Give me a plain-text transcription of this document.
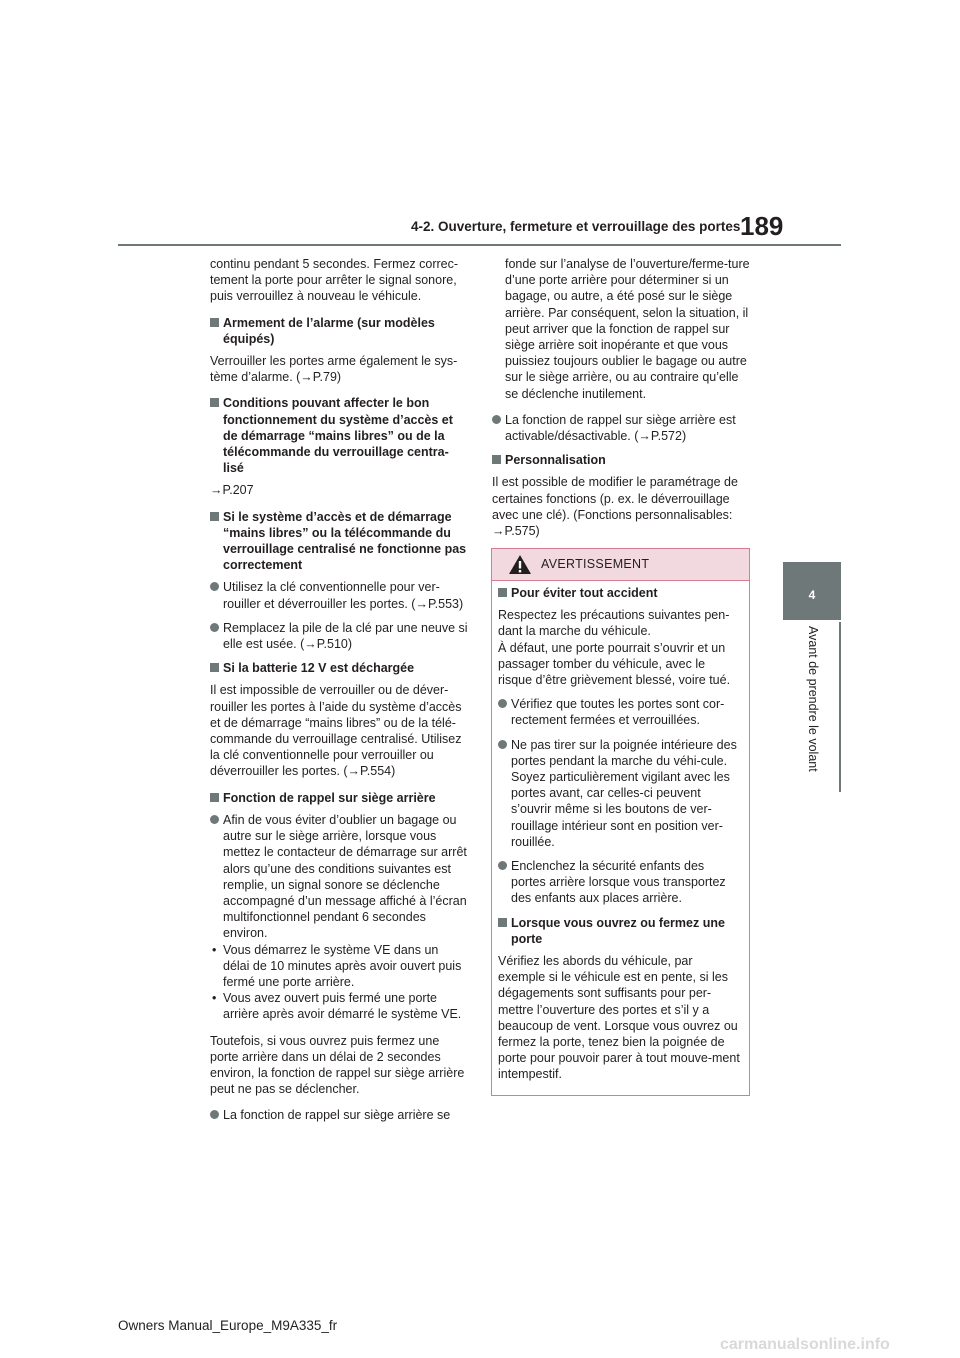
4-2. Ouverture, fermeture et verrouillage des portes 189
4
Avant de prendre le volant

continu pendant 5 secondes. Fermez correc-tement la porte pour arrêter le signal sonore, puis verrouillez à nouveau le véhicule.

Armement de l’alarme (sur modèles équipés)

Verrouiller les portes arme également le sys-tème d’alarme. (→P.79)

Conditions pouvant affecter le bon fonctionnement du système d’accès et de démarrage “mains libres” ou de la télécommande du verrouillage centra-lisé

→P.207

Si le système d’accès et de démarrage “mains libres” ou la télécommande du verrouillage centralisé ne fonctionne pas correctement
Utilisez la clé conventionnelle pour ver-rouiller et déverrouiller les portes. (→P.553)
Remplacez la pile de la clé par une neuve si elle est usée. (→P.510)
Si la batterie 12 V est déchargée

Il est impossible de verrouiller ou de déver-rouiller les portes à l’aide du système d’accès et de démarrage “mains libres” ou de la télé-commande du verrouillage centralisé. Utilisez la clé conventionnelle pour verrouiller ou déverrouiller les portes. (→P.554)

Fonction de rappel sur siège arrière
Afin de vous éviter d’oublier un bagage ou autre sur le siège arrière, lorsque vous mettez le contacteur de démarrage sur arrêt alors qu’une des conditions suivantes est remplie, un signal sonore se déclenche accompagné d’un message affiché à l’écran multifonctionnel pendant 6 secondes environ.
• Vous démarrez le système VE dans un délai de 10 minutes après avoir ouvert puis fermé une porte arrière.
• Vous avez ouvert puis fermé une porte arrière après avoir démarré le système VE.

Toutefois, si vous ouvrez puis fermez une porte arrière dans un délai de 2 secondes environ, la fonction de rappel sur siège arrière peut ne pas se déclencher.

La fonction de rappel sur siège arrière se

fonde sur l’analyse de l’ouverture/ferme-ture d’une porte arrière pour déterminer si un bagage, ou autre, a été posé sur le siège arrière. Par conséquent, selon la situation, il peut arriver que la fonction de rappel sur siège arrière soit inopérante et que vous puissiez toujours oublier le bagage ou autre sur le siège arrière, ou au contraire qu’elle se déclenche inutilement.

La fonction de rappel sur siège arrière est activable/désactivable. (→P.572)
Personnalisation

Il est possible de modifier le paramétrage de certaines fonctions (p. ex. le déverrouillage avec une clé). (Fonctions personnalisables: →P.575)

AVERTISSEMENT
Pour éviter tout accident

Respectez les précautions suivantes pen-dant la marche du véhicule.

À défaut, une porte pourrait s’ouvrir et un passager tomber du véhicule, avec le risque d’être grièvement blessé, voire tué.

Vérifiez que toutes les portes sont cor-rectement fermées et verrouillées.
Ne pas tirer sur la poignée intérieure des portes pendant la marche du véhi-cule.
Soyez particulièrement vigilant avec les portes avant, car celles-ci peuvent s’ouvrir même si les boutons de ver-rouillage intérieur sont en position ver-rouillée.
Enclenchez la sécurité enfants des portes arrière lorsque vous transportez des enfants aux places arrière.
Lorsque vous ouvrez ou fermez une porte

Vérifiez les abords du véhicule, par exemple si le véhicule est en pente, si les dégagements sont suffisants pour per-mettre l’ouverture des portes et s’il y a beaucoup de vent. Lorsque vous ouvrez ou fermez la porte, tenez bien la poignée de porte pour pouvoir parer à tout mouve-ment intempestif.

Owners Manual_Europe_M9A335_fr
carmanualsonline.info
